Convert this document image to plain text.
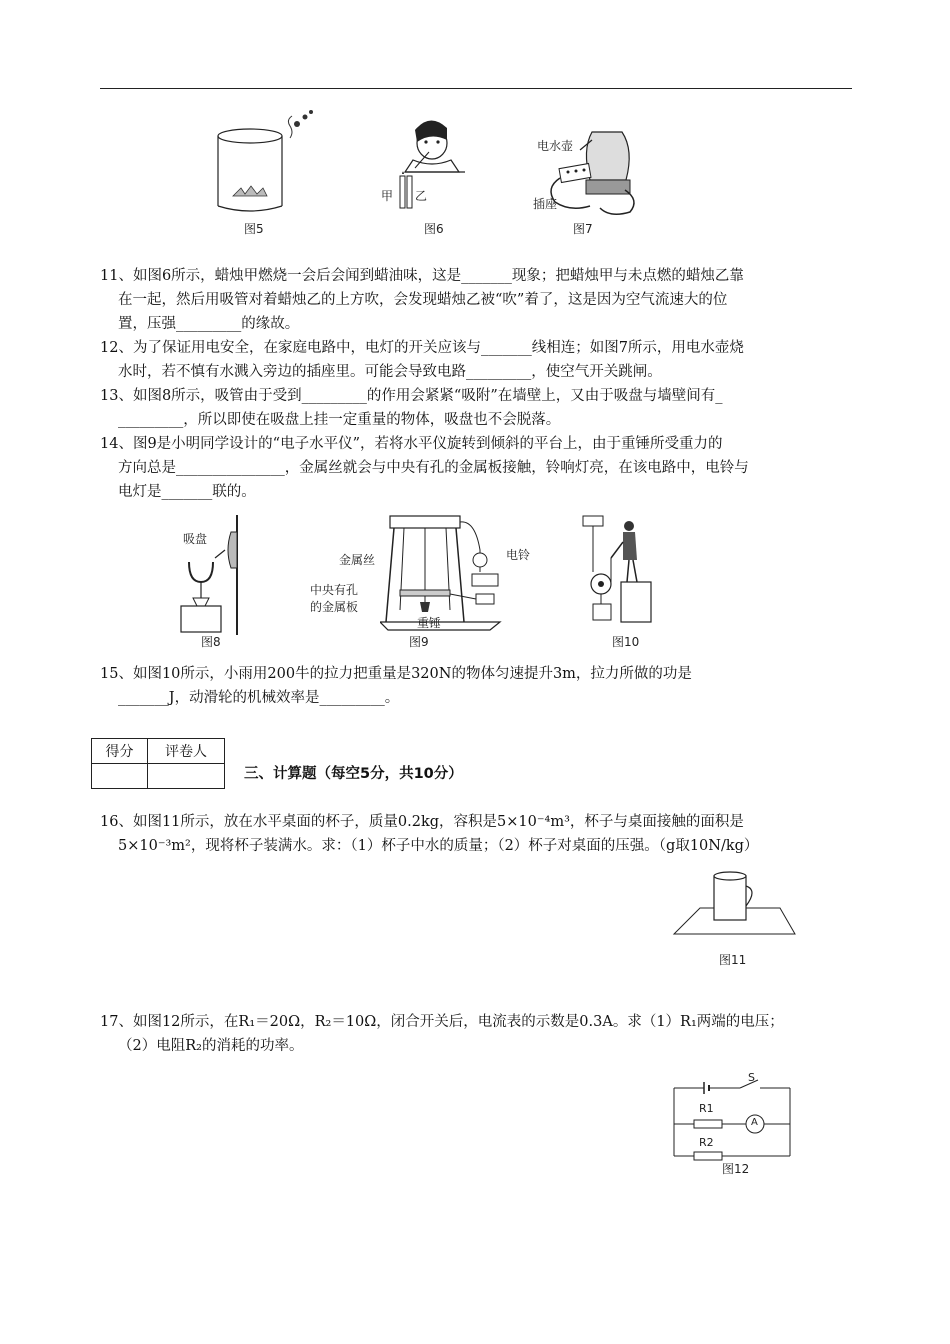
图5
甲 乙
图6
电水壶
插座
图7
11、如图6所示，蜡烛甲燃烧一会后会闻到蜡油味，这是_______现象；把蜡烛甲与未点燃的蜡烛乙靠
在一起，然后用吸管对着蜡烛乙的上方吹，会发现蜡烛乙被“吹”着了，这是因为空气流速大的位
置，压强_________的缘故。
12、为了保证用电安全，在家庭电路中，电灯的开关应该与_______线相连；如图7所示，用电水壶烧
水时，若不慎有水溅入旁边的插座里。可能会导致电路_________，使空气开关跳闸。
13、如图8所示，吸管由于受到_________的作用会紧紧“吸附”在墙壁上，又由于吸盘与墙壁间有_
_________，所以即使在吸盘上挂一定重量的物体，吸盘也不会脱落。
14、图9是小明同学设计的“电子水平仪”，若将水平仪旋转到倾斜的平台上，由于重锤所受重力的
方向总是_______________，金属丝就会与中央有孔的金属板接触，铃响灯亮，在该电路中，电铃与
电灯是_______联的。
吸盘
图8
金属丝	电铃
中央有孔
的金属板
重锤
图9	图10
15、如图10所示，小雨用200牛的拉力把重量是320N的物体匀速提升3m，拉力所做的功是
_______J，动滑轮的机械效率是_________。
得分	评卷人

三、计算题（每空5分，共10分）
16、如图11所示，放在水平桌面的杯子，质量0.2kg，容积是5×10⁻⁴m³，杯子与桌面接触的面积是
5×10⁻³m²，现将杯子装满水。求：（1）杯子中水的质量；（2）杯子对桌面的压强。（g取10N/kg）
图11
17、如图12所示，在R₁＝20Ω，R₂＝10Ω，闭合开关后，电流表的示数是0.3A。求（1）R₁两端的电压；
（2）电阻R₂的消耗的功率。
S
R1
A
R2
图12
